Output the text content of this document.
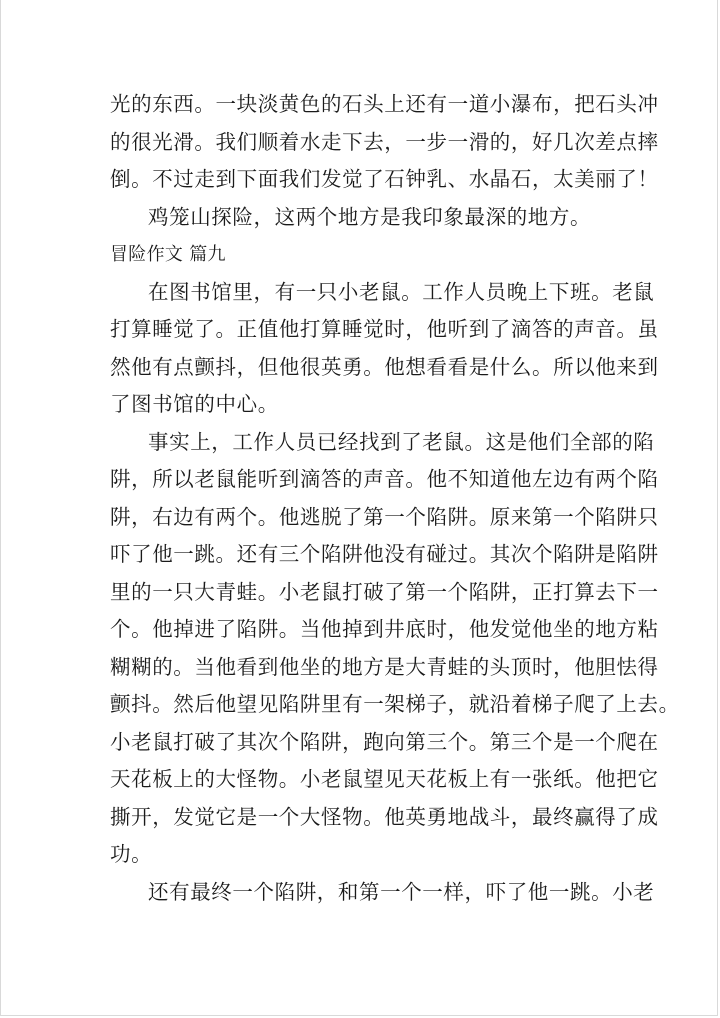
光的东西。一块淡黄色的石头上还有一道小瀑布，把石头冲
的很光滑。我们顺着水走下去，一步一滑的，好几次差点摔
倒。不过走到下面我们发觉了石钟乳、水晶石，太美丽了！
鸡笼山探险，这两个地方是我印象最深的地方。
冒险作文 篇九
在图书馆里，有一只小老鼠。工作人员晚上下班。老鼠
打算睡觉了。正值他打算睡觉时，他听到了滴答的声音。虽
然他有点颤抖，但他很英勇。他想看看是什么。所以他来到
了图书馆的中心。
事实上，工作人员已经找到了老鼠。这是他们全部的陷
阱，所以老鼠能听到滴答的声音。他不知道他左边有两个陷
阱，右边有两个。他逃脱了第一个陷阱。原来第一个陷阱只
吓了他一跳。还有三个陷阱他没有碰过。其次个陷阱是陷阱
里的一只大青蛙。小老鼠打破了第一个陷阱，正打算去下一
个。他掉进了陷阱。当他掉到井底时，他发觉他坐的地方粘
糊糊的。当他看到他坐的地方是大青蛙的头顶时，他胆怯得
颤抖。然后他望见陷阱里有一架梯子，就沿着梯子爬了上去。
小老鼠打破了其次个陷阱，跑向第三个。第三个是一个爬在
天花板上的大怪物。小老鼠望见天花板上有一张纸。他把它
撕开，发觉它是一个大怪物。他英勇地战斗，最终赢得了成
功。
还有最终一个陷阱，和第一个一样，吓了他一跳。小老
